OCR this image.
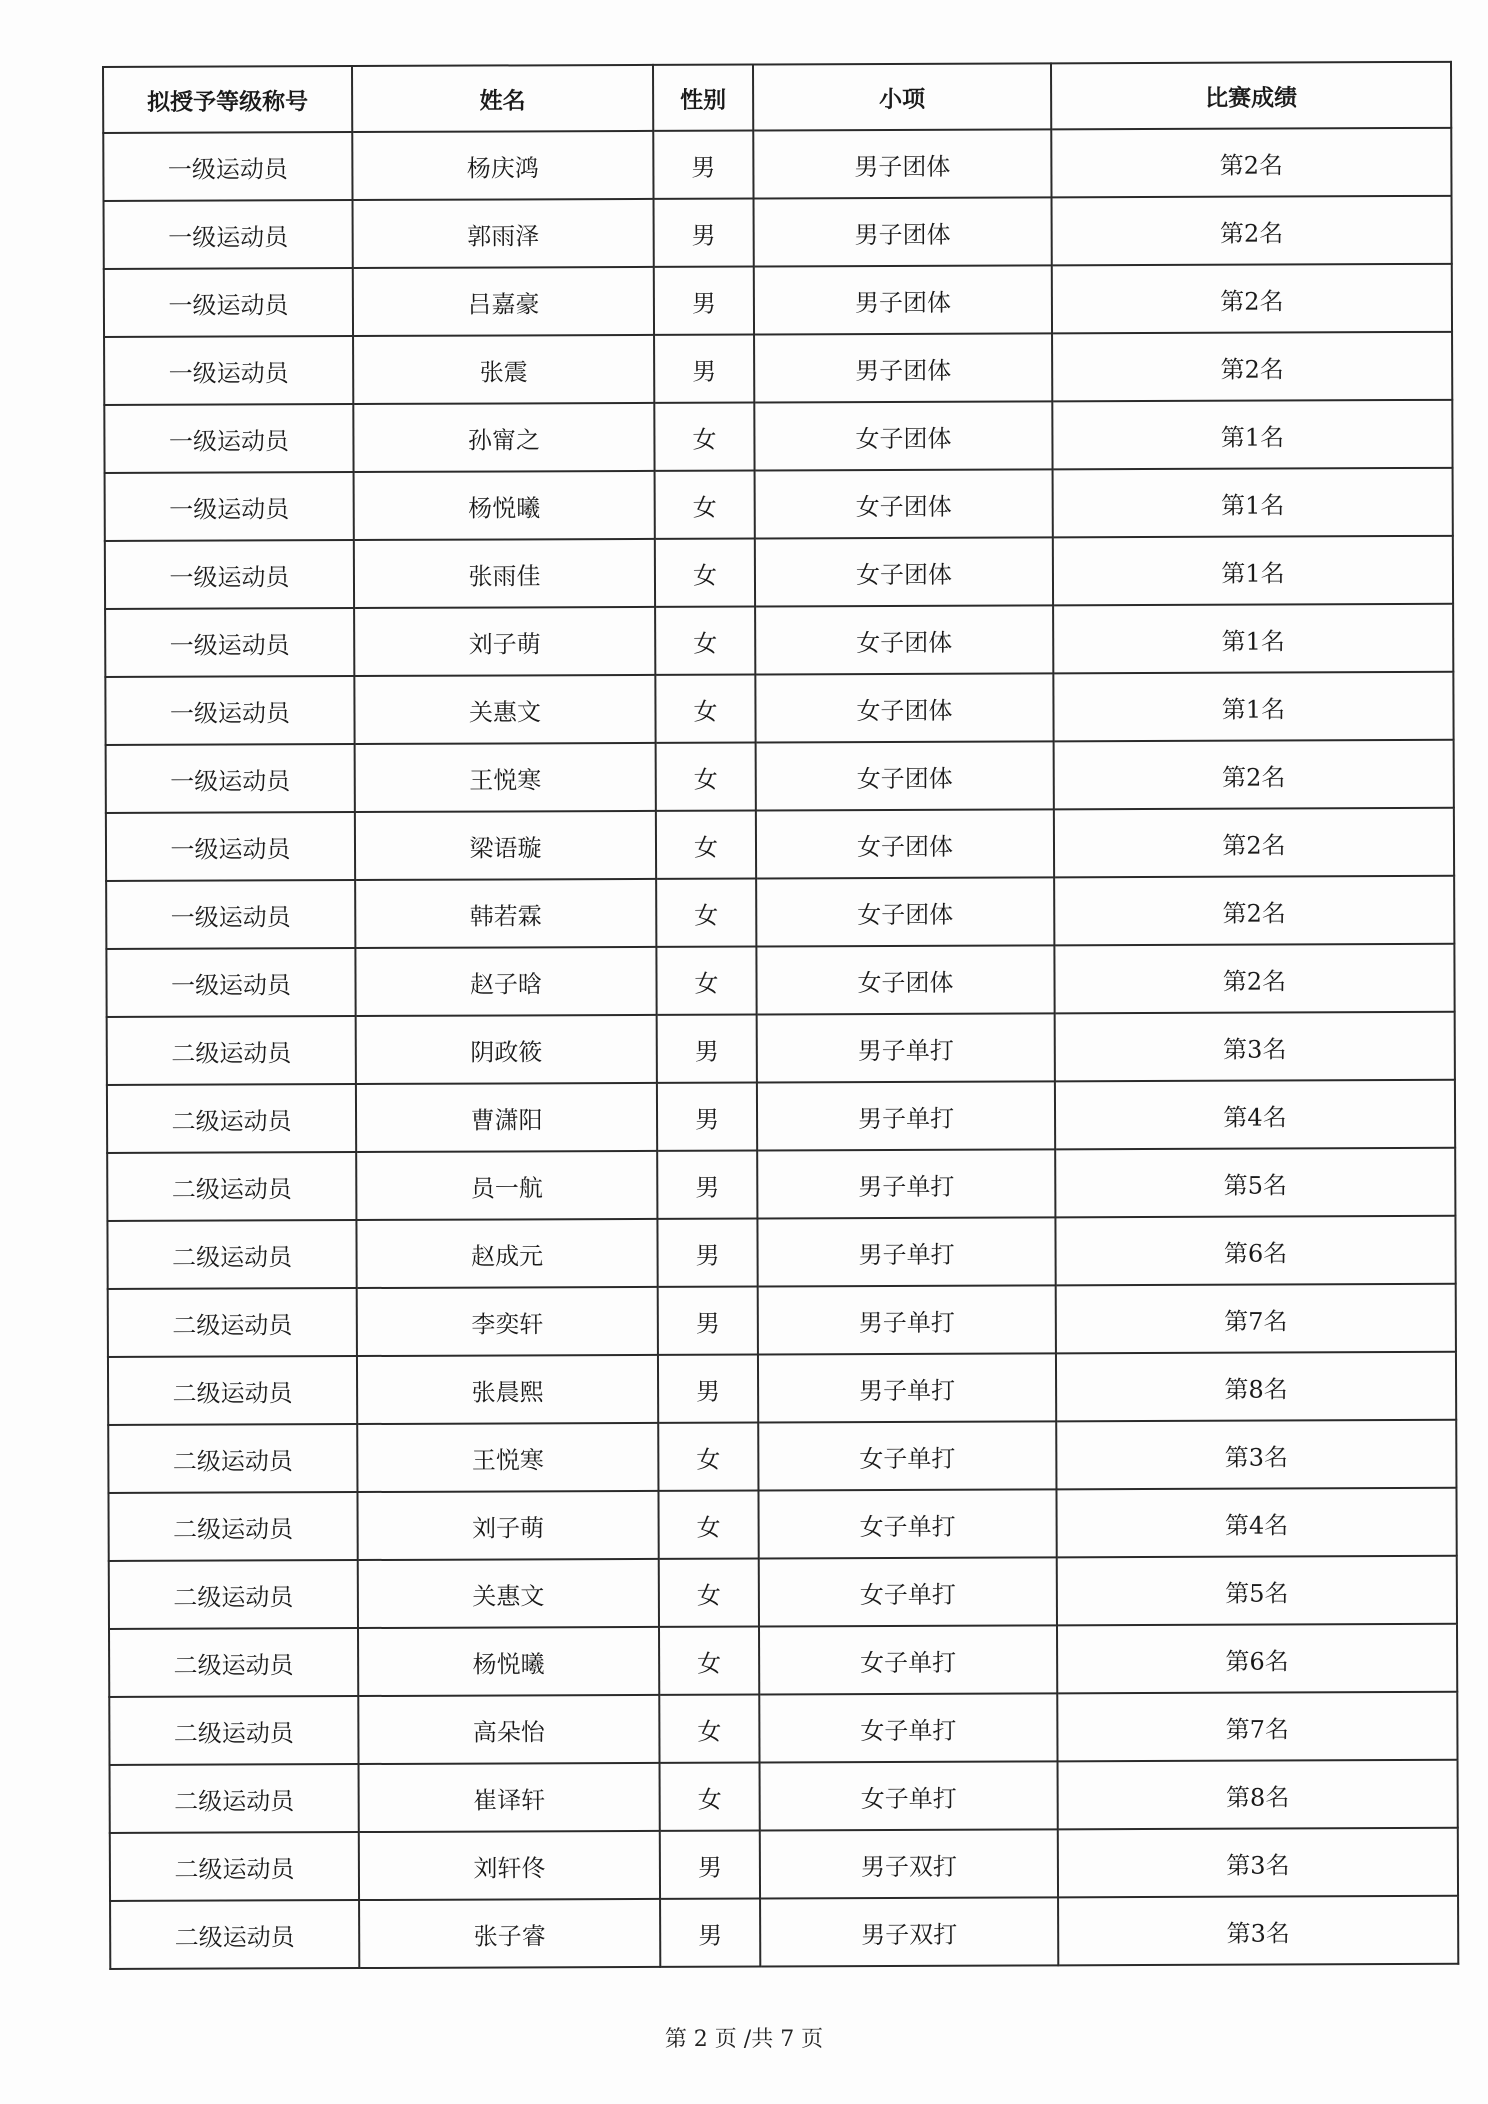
拟授予等级称号	姓名	性别	小项	比赛成绩
一级运动员	杨庆鸿	男	男子团体	第2名
一级运动员	郭雨泽	男	男子团体	第2名
一级运动员	吕嘉豪	男	男子团体	第2名
一级运动员	张震	男	男子团体	第2名
一级运动员	孙甯之	女	女子团体	第1名
一级运动员	杨悦曦	女	女子团体	第1名
一级运动员	张雨佳	女	女子团体	第1名
一级运动员	刘子萌	女	女子团体	第1名
一级运动员	关惠文	女	女子团体	第1名
一级运动员	王悦寒	女	女子团体	第2名
一级运动员	梁语璇	女	女子团体	第2名
一级运动员	韩若霖	女	女子团体	第2名
一级运动员	赵子晗	女	女子团体	第2名
二级运动员	阴政筱	男	男子单打	第3名
二级运动员	曹潇阳	男	男子单打	第4名
二级运动员	员一航	男	男子单打	第5名
二级运动员	赵成元	男	男子单打	第6名
二级运动员	李奕轩	男	男子单打	第7名
二级运动员	张晨熙	男	男子单打	第8名
二级运动员	王悦寒	女	女子单打	第3名
二级运动员	刘子萌	女	女子单打	第4名
二级运动员	关惠文	女	女子单打	第5名
二级运动员	杨悦曦	女	女子单打	第6名
二级运动员	高朵怡	女	女子单打	第7名
二级运动员	崔译轩	女	女子单打	第8名
二级运动员	刘轩佟	男	男子双打	第3名
二级运动员	张子睿	男	男子双打	第3名
第 2 页 /共 7 页
